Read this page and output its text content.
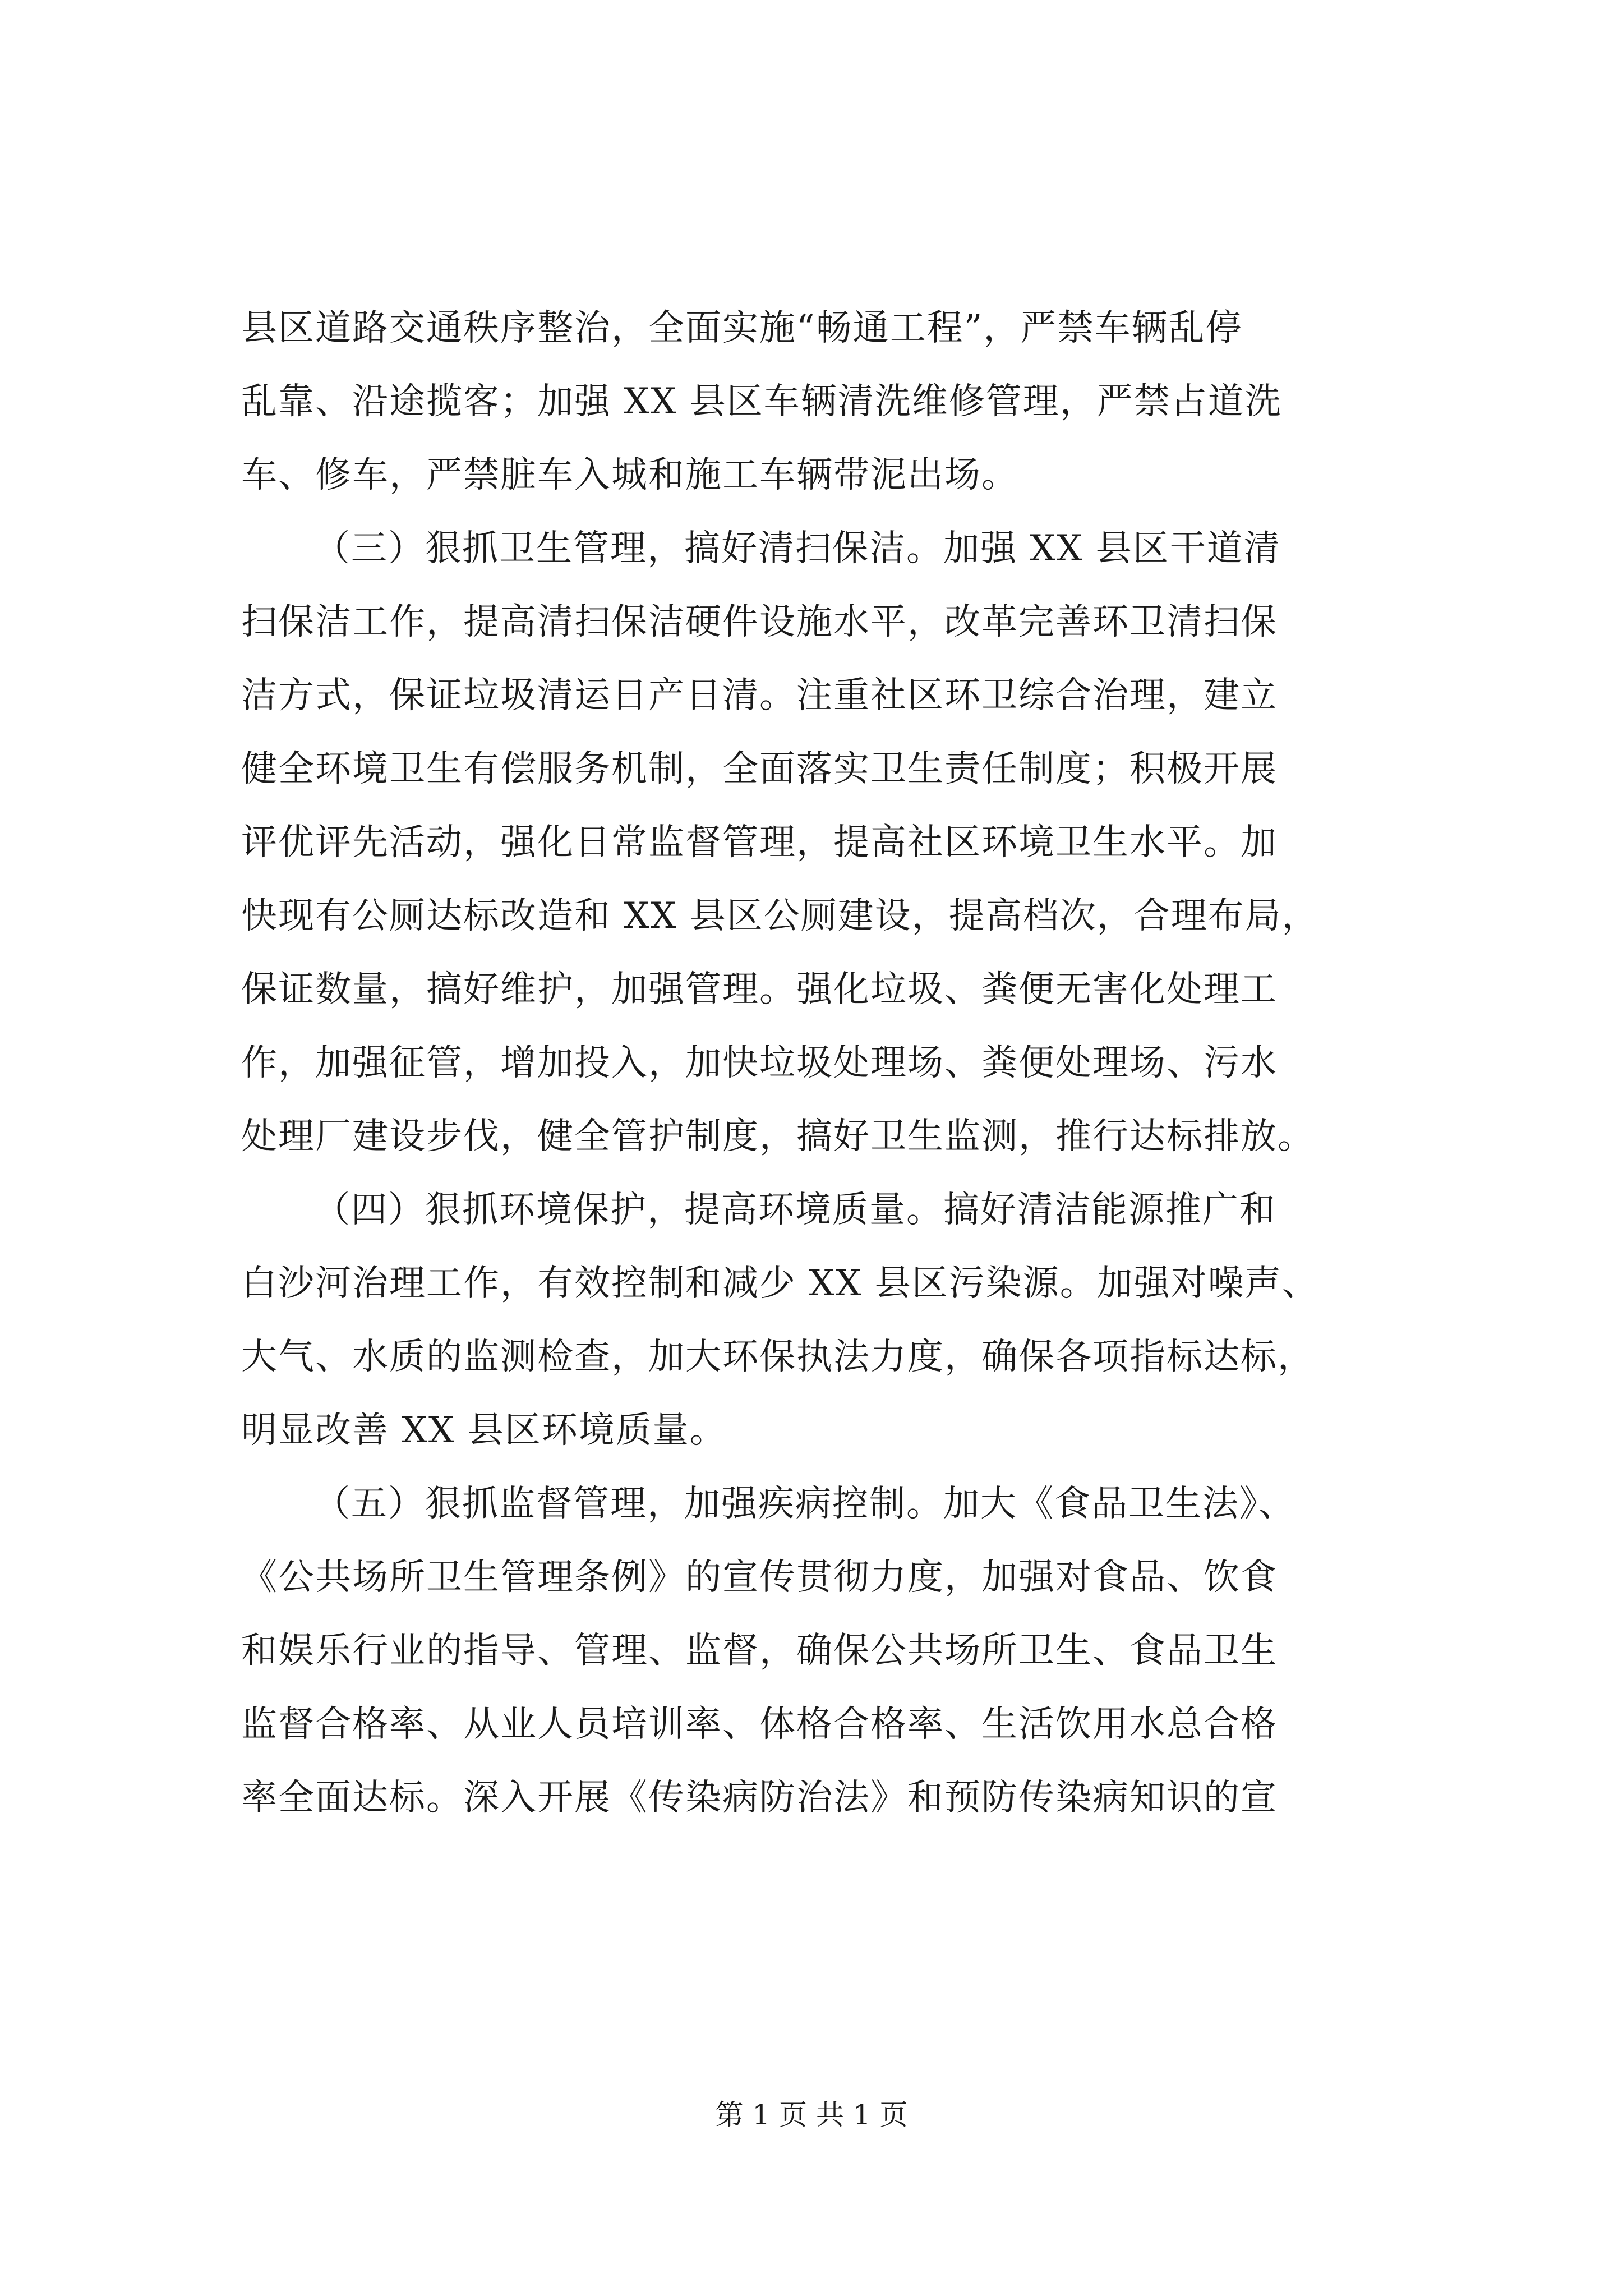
县区道路交通秩序整治，全面实施“畅通工程”，严禁车辆乱停
乱靠、沿途揽客；加强 XX 县区车辆清洗维修管理，严禁占道洗
车、修车，严禁脏车入城和施工车辆带泥出场。
（三）狠抓卫生管理，搞好清扫保洁。加强 XX 县区干道清
扫保洁工作，提高清扫保洁硬件设施水平，改革完善环卫清扫保
洁方式，保证垃圾清运日产日清。注重社区环卫综合治理，建立
健全环境卫生有偿服务机制，全面落实卫生责任制度；积极开展
评优评先活动，强化日常监督管理，提高社区环境卫生水平。加
快现有公厕达标改造和 XX 县区公厕建设，提高档次，合理布局，
保证数量，搞好维护，加强管理。强化垃圾、粪便无害化处理工
作，加强征管，增加投入，加快垃圾处理场、粪便处理场、污水
处理厂建设步伐，健全管护制度，搞好卫生监测，推行达标排放。
（四）狠抓环境保护，提高环境质量。搞好清洁能源推广和
白沙河治理工作，有效控制和减少 XX 县区污染源。加强对噪声、
大气、水质的监测检查，加大环保执法力度，确保各项指标达标，
明显改善 XX 县区环境质量。
（五）狠抓监督管理，加强疾病控制。加大《食品卫生法》、
《公共场所卫生管理条例》的宣传贯彻力度，加强对食品、饮食
和娱乐行业的指导、管理、监督，确保公共场所卫生、食品卫生
监督合格率、从业人员培训率、体格合格率、生活饮用水总合格
率全面达标。深入开展《传染病防治法》和预防传染病知识的宣
第 1 页 共 1 页
